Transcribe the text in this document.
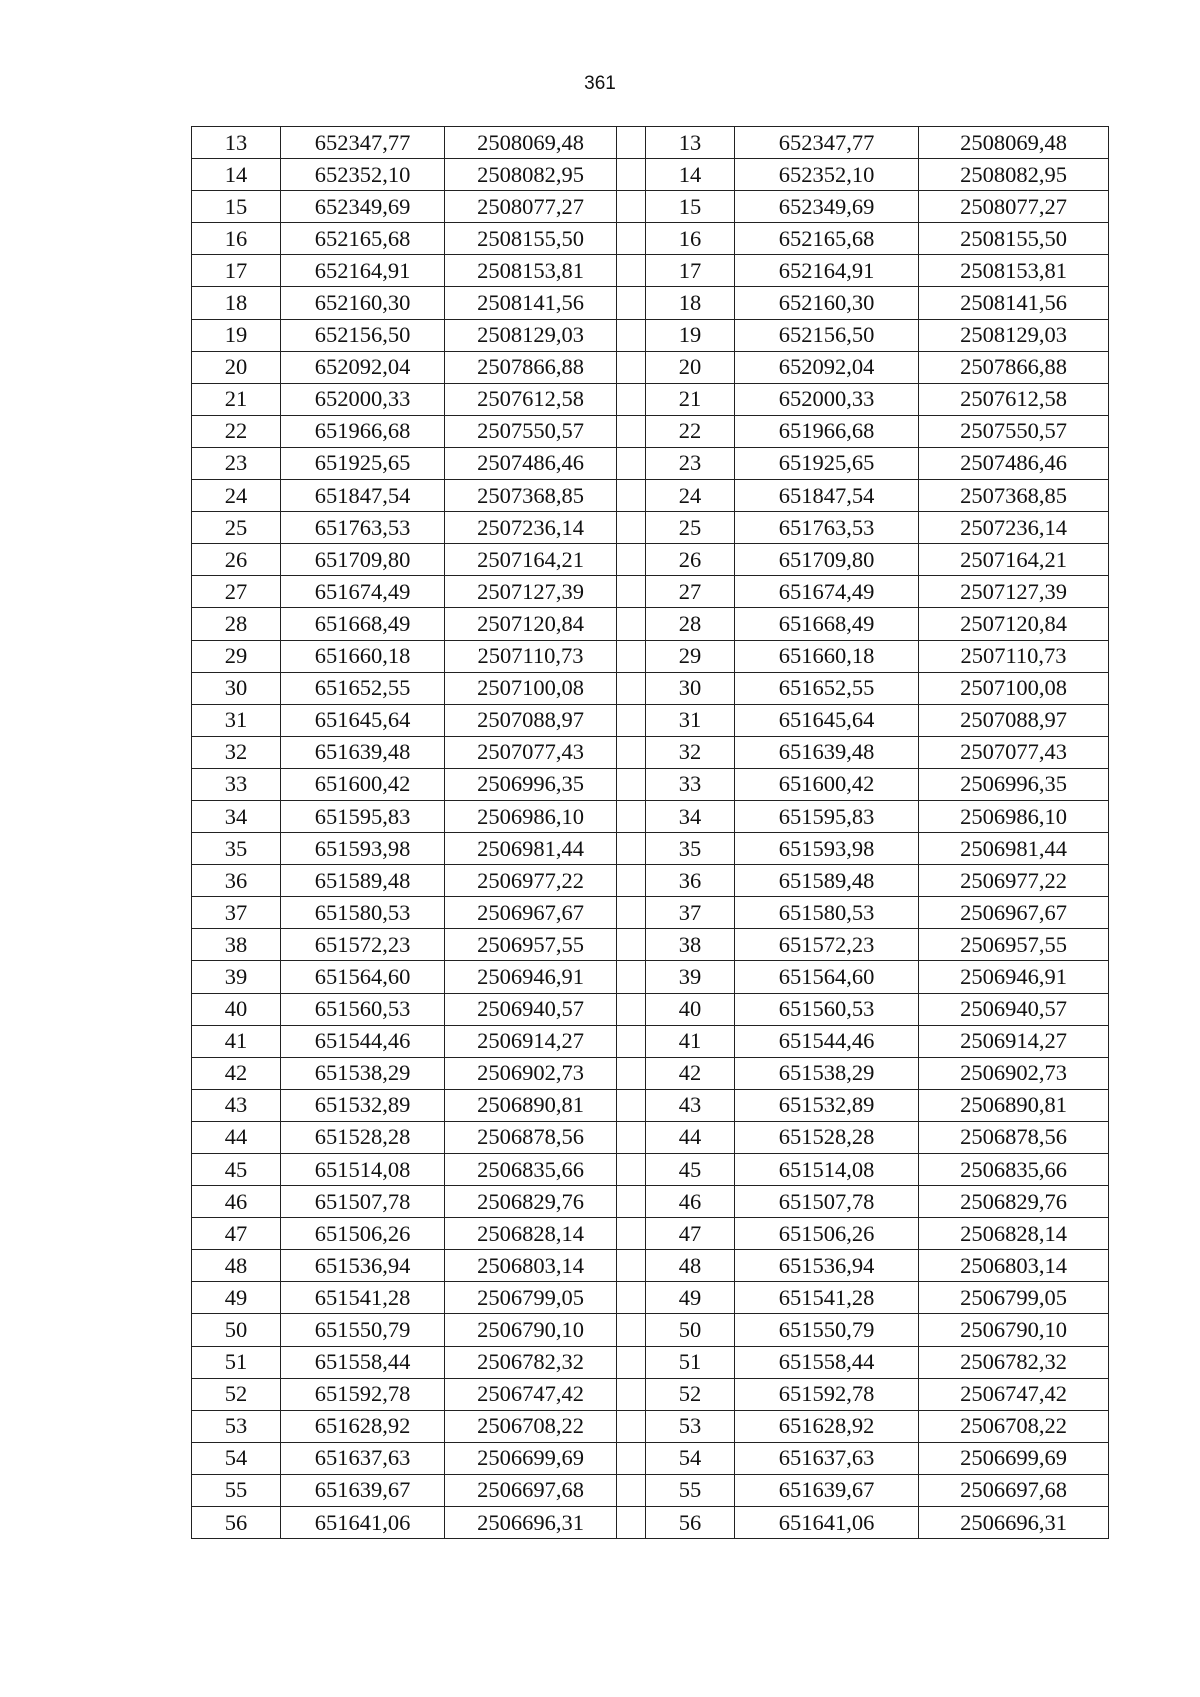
361
13	652347,77	2508069,48		13	652347,77	2508069,48
14	652352,10	2508082,95		14	652352,10	2508082,95
15	652349,69	2508077,27		15	652349,69	2508077,27
16	652165,68	2508155,50		16	652165,68	2508155,50
17	652164,91	2508153,81		17	652164,91	2508153,81
18	652160,30	2508141,56		18	652160,30	2508141,56
19	652156,50	2508129,03		19	652156,50	2508129,03
20	652092,04	2507866,88		20	652092,04	2507866,88
21	652000,33	2507612,58		21	652000,33	2507612,58
22	651966,68	2507550,57		22	651966,68	2507550,57
23	651925,65	2507486,46		23	651925,65	2507486,46
24	651847,54	2507368,85		24	651847,54	2507368,85
25	651763,53	2507236,14		25	651763,53	2507236,14
26	651709,80	2507164,21		26	651709,80	2507164,21
27	651674,49	2507127,39		27	651674,49	2507127,39
28	651668,49	2507120,84		28	651668,49	2507120,84
29	651660,18	2507110,73		29	651660,18	2507110,73
30	651652,55	2507100,08		30	651652,55	2507100,08
31	651645,64	2507088,97		31	651645,64	2507088,97
32	651639,48	2507077,43		32	651639,48	2507077,43
33	651600,42	2506996,35		33	651600,42	2506996,35
34	651595,83	2506986,10		34	651595,83	2506986,10
35	651593,98	2506981,44		35	651593,98	2506981,44
36	651589,48	2506977,22		36	651589,48	2506977,22
37	651580,53	2506967,67		37	651580,53	2506967,67
38	651572,23	2506957,55		38	651572,23	2506957,55
39	651564,60	2506946,91		39	651564,60	2506946,91
40	651560,53	2506940,57		40	651560,53	2506940,57
41	651544,46	2506914,27		41	651544,46	2506914,27
42	651538,29	2506902,73		42	651538,29	2506902,73
43	651532,89	2506890,81		43	651532,89	2506890,81
44	651528,28	2506878,56		44	651528,28	2506878,56
45	651514,08	2506835,66		45	651514,08	2506835,66
46	651507,78	2506829,76		46	651507,78	2506829,76
47	651506,26	2506828,14		47	651506,26	2506828,14
48	651536,94	2506803,14		48	651536,94	2506803,14
49	651541,28	2506799,05		49	651541,28	2506799,05
50	651550,79	2506790,10		50	651550,79	2506790,10
51	651558,44	2506782,32		51	651558,44	2506782,32
52	651592,78	2506747,42		52	651592,78	2506747,42
53	651628,92	2506708,22		53	651628,92	2506708,22
54	651637,63	2506699,69		54	651637,63	2506699,69
55	651639,67	2506697,68		55	651639,67	2506697,68
56	651641,06	2506696,31		56	651641,06	2506696,31
